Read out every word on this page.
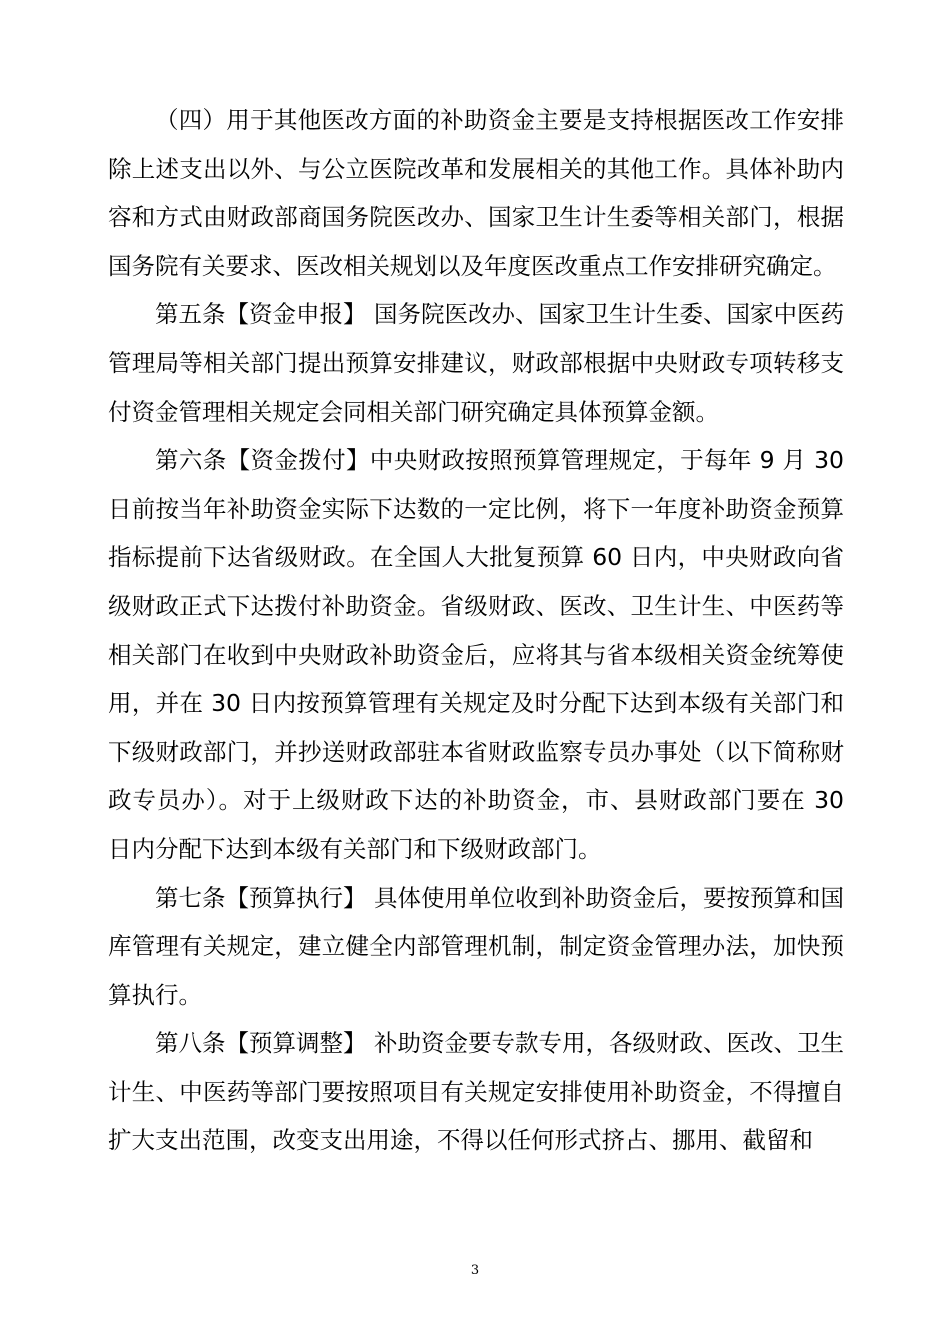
（四）用于其他医改方面的补助资金主要是支持根据医改工作安排除上述支出以外、与公立医院改革和发展相关的其他工作。具体补助内容和方式由财政部商国务院医改办、国家卫生计生委等相关部门，根据国务院有关要求、医改相关规划以及年度医改重点工作安排研究确定。

第五条【资金申报】 国务院医改办、国家卫生计生委、国家中医药管理局等相关部门提出预算安排建议，财政部根据中央财政专项转移支付资金管理相关规定会同相关部门研究确定具体预算金额。

第六条【资金拨付】中央财政按照预算管理规定，于每年 9 月 30 日前按当年补助资金实际下达数的一定比例，将下一年度补助资金预算指标提前下达省级财政。在全国人大批复预算 60 日内，中央财政向省级财政正式下达拨付补助资金。省级财政、医改、卫生计生、中医药等相关部门在收到中央财政补助资金后，应将其与省本级相关资金统筹使用，并在 30 日内按预算管理有关规定及时分配下达到本级有关部门和下级财政部门，并抄送财政部驻本省财政监察专员办事处（以下简称财政专员办）。对于上级财政下达的补助资金，市、县财政部门要在 30 日内分配下达到本级有关部门和下级财政部门。

第七条【预算执行】 具体使用单位收到补助资金后，要按预算和国库管理有关规定，建立健全内部管理机制，制定资金管理办法，加快预算执行。

第八条【预算调整】 补助资金要专款专用，各级财政、医改、卫生计生、中医药等部门要按照项目有关规定安排使用补助资金，不得擅自扩大支出范围，改变支出用途，不得以任何形式挤占、挪用、截留和

3
